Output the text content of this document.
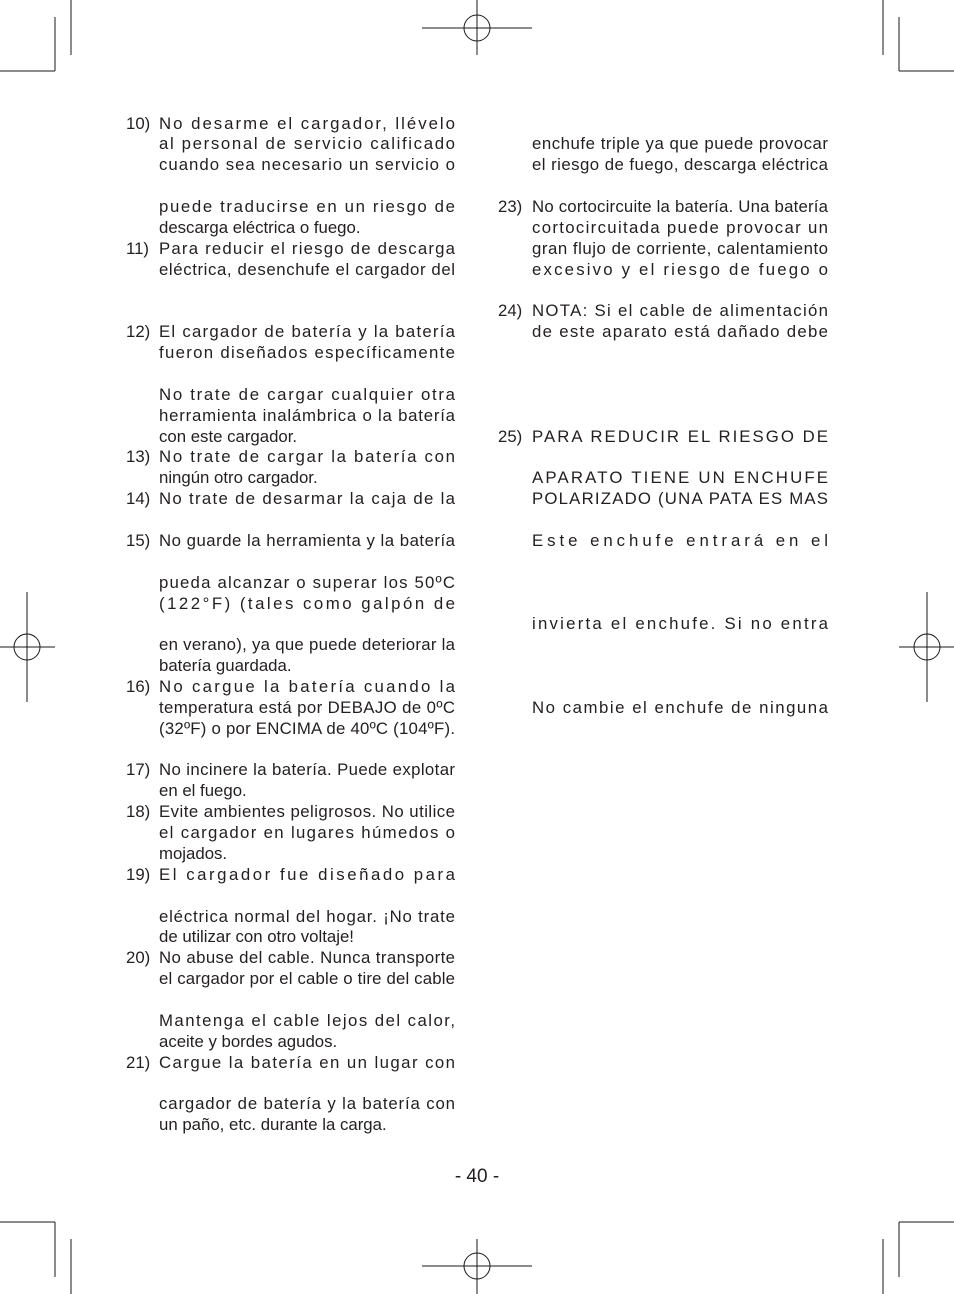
10) No desarme el cargador, llévelo
al personal de servicio calificado
cuando sea necesario un servicio o
puede traducirse en un riesgo de
descarga eléctrica o fuego.
11) Para reducir el riesgo de descarga
eléctrica, desenchufe el cargador del
12) El cargador de batería y la batería
fueron diseñados específicamente
No trate de cargar cualquier otra
herramienta inalámbrica o la batería
con este cargador.
13) No trate de cargar la batería con
ningún otro cargador.
14) No trate de desarmar la caja de la
15) No guarde la herramienta y la batería
pueda alcanzar o superar los 50ºC
(122°F) (tales como galpón de
en verano), ya que puede deteriorar la
batería guardada.
16) No cargue la batería cuando la
temperatura está por DEBAJO de 0ºC
(32ºF) o por ENCIMA de 40ºC (104ºF).
17) No incinere la batería. Puede explotar
en el fuego.
18) Evite ambientes peligrosos. No utilice
el cargador en lugares húmedos o
mojados.
19) El cargador fue diseñado para
eléctrica normal del hogar. ¡No trate
de utilizar con otro voltaje!
20) No abuse del cable. Nunca transporte
el cargador por el cable o tire del cable
Mantenga el cable lejos del calor,
aceite y bordes agudos.
21) Cargue la batería en un lugar con
cargador de batería y la batería con
un paño, etc. durante la carga.
enchufe triple ya que puede provocar
el riesgo de fuego, descarga eléctrica
23) No cortocircuite la batería. Una batería
cortocircuitada puede provocar un
gran flujo de corriente, calentamiento
excesivo y el riesgo de fuego o
24) NOTA: Si el cable de alimentación
de este aparato está dañado debe
25) PARA REDUCIR EL RIESGO DE
APARATO TIENE UN ENCHUFE
POLARIZADO (UNA PATA ES MAS
Este enchufe entrará en el
invierta el enchufe. Si no entra
No cambie el enchufe de ninguna
- 40 -
